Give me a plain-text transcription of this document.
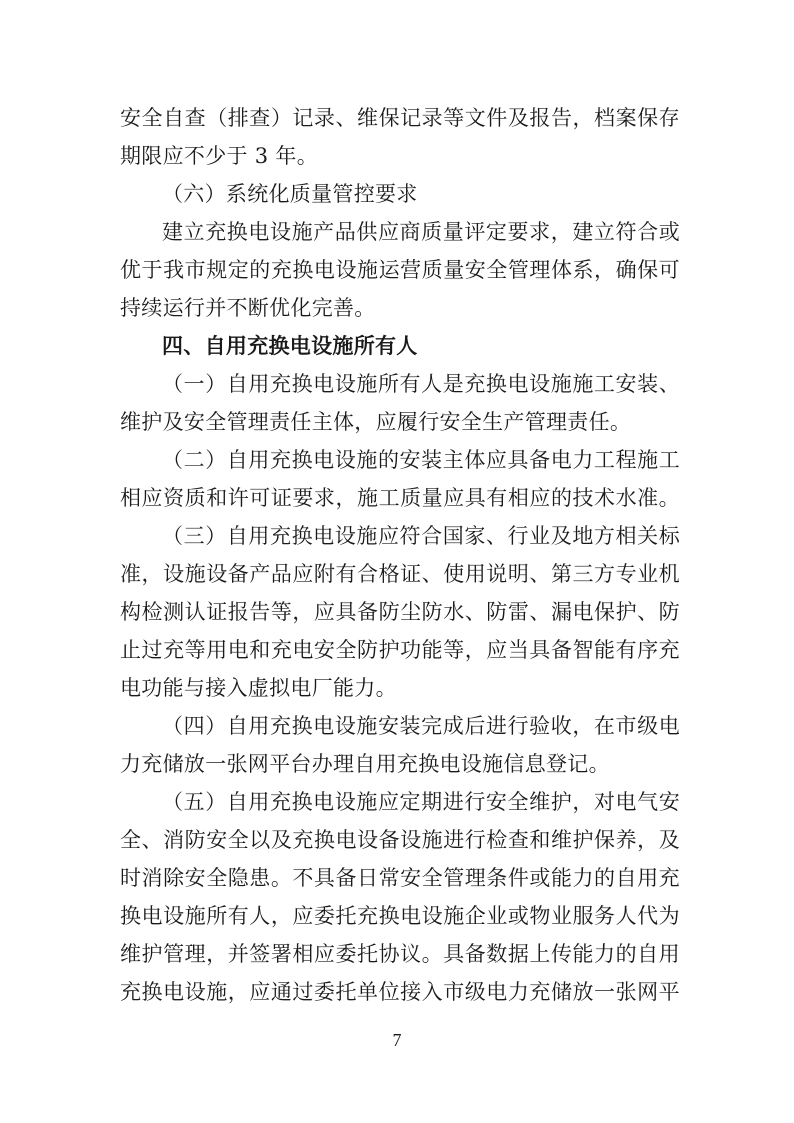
安全自查（排查）记录、维保记录等文件及报告，档案保存
期限应不少于 3 年。
（六）系统化质量管控要求
建立充换电设施产品供应商质量评定要求，建立符合或
优于我市规定的充换电设施运营质量安全管理体系，确保可
持续运行并不断优化完善。
四、自用充换电设施所有人
（一）自用充换电设施所有人是充换电设施施工安装、
维护及安全管理责任主体，应履行安全生产管理责任。
（二）自用充换电设施的安装主体应具备电力工程施工
相应资质和许可证要求，施工质量应具有相应的技术水准。
（三）自用充换电设施应符合国家、行业及地方相关标
准，设施设备产品应附有合格证、使用说明、第三方专业机
构检测认证报告等，应具备防尘防水、防雷、漏电保护、防
止过充等用电和充电安全防护功能等，应当具备智能有序充
电功能与接入虚拟电厂能力。
（四）自用充换电设施安装完成后进行验收，在市级电
力充储放一张网平台办理自用充换电设施信息登记。
（五）自用充换电设施应定期进行安全维护，对电气安
全、消防安全以及充换电设备设施进行检查和维护保养，及
时消除安全隐患。不具备日常安全管理条件或能力的自用充
换电设施所有人，应委托充换电设施企业或物业服务人代为
维护管理，并签署相应委托协议。具备数据上传能力的自用
充换电设施，应通过委托单位接入市级电力充储放一张网平
7
